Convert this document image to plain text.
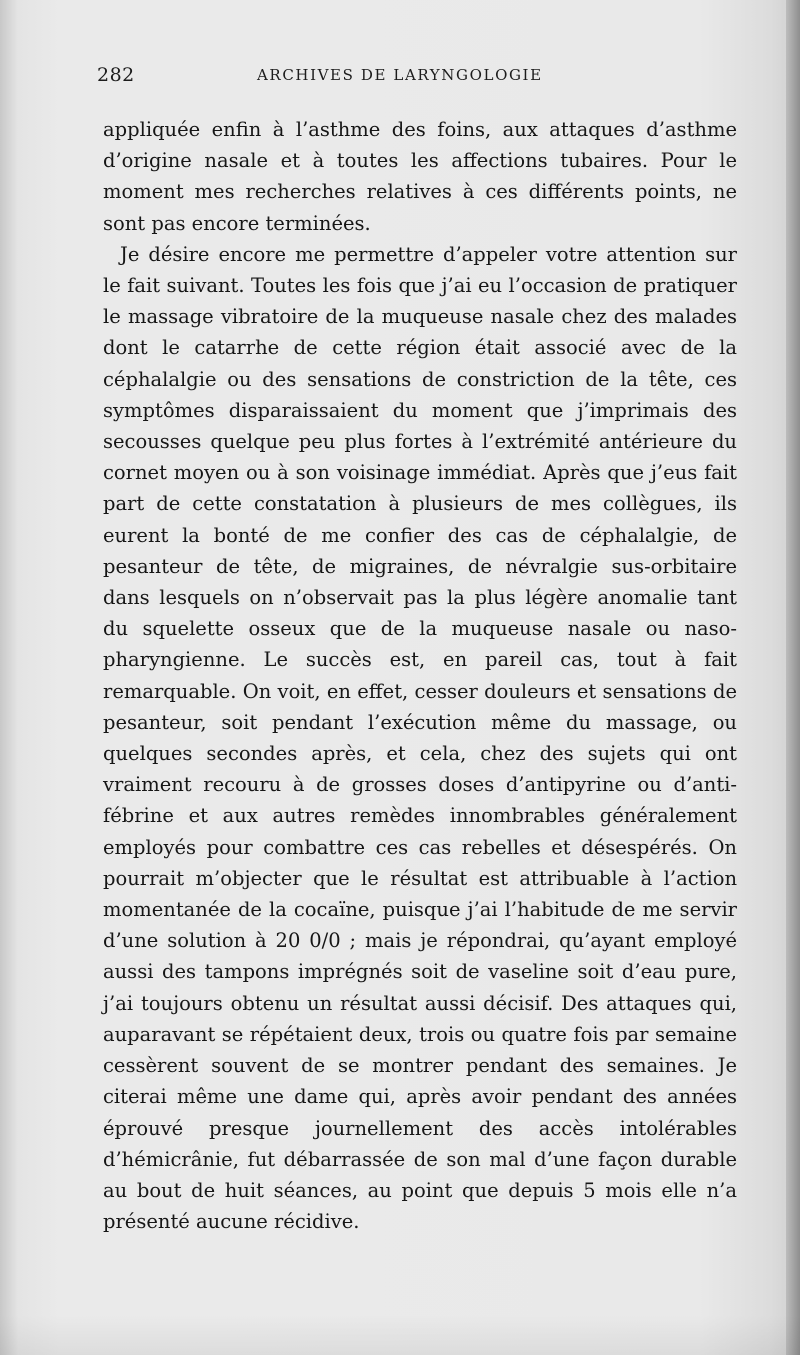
282	ARCHIVES DE LARYNGOLOGIE

appliquée enfin à l’asthme des foins, aux attaques d’asthme d’origine nasale et à toutes les affections tubaires. Pour le moment mes recherches relatives à ces différents points, ne sont pas encore terminées.

Je désire encore me permettre d’appeler votre attention sur le fait suivant. Toutes les fois que j’ai eu l’occasion de pratiquer le massage vibratoire de la muqueuse nasale chez des malades dont le catarrhe de cette région était associé avec de la céphalalgie ou des sensations de constriction de la tête, ces symptômes disparaissaient du moment que j’imprimais des secousses quelque peu plus fortes à l’extrémité antérieure du cornet moyen ou à son voisinage immédiat. Après que j’eus fait part de cette constatation à plusieurs de mes collègues, ils eurent la bonté de me confier des cas de céphalalgie, de pesanteur de tête, de migraines, de névralgie sus-orbitaire dans lesquels on n’observait pas la plus légère anomalie tant du squelette osseux que de la muqueuse nasale ou naso-pharyngienne. Le succès est, en pareil cas, tout à fait remarquable. On voit, en effet, cesser douleurs et sensations de pesanteur, soit pendant l’exécution même du massage, ou quelques secondes après, et cela, chez des sujets qui ont vraiment recouru à de grosses doses d’antipyrine ou d’anti-fébrine et aux autres remèdes innombrables généralement employés pour combattre ces cas rebelles et désespérés. On pourrait m’objecter que le résultat est attribuable à l’action momentanée de la cocaïne, puisque j’ai l’habitude de me servir d’une solution à 20 0/0 ; mais je répondrai, qu’ayant employé aussi des tampons imprégnés soit de vaseline soit d’eau pure, j’ai toujours obtenu un résultat aussi décisif. Des attaques qui, auparavant se répétaient deux, trois ou quatre fois par semaine cessèrent souvent de se montrer pendant des semaines. Je citerai même une dame qui, après avoir pendant des années éprouvé presque journellement des accès intolérables d’hémicrânie, fut débarrassée de son mal d’une façon durable au bout de huit séances, au point que depuis 5 mois elle n’a présenté aucune récidive.
